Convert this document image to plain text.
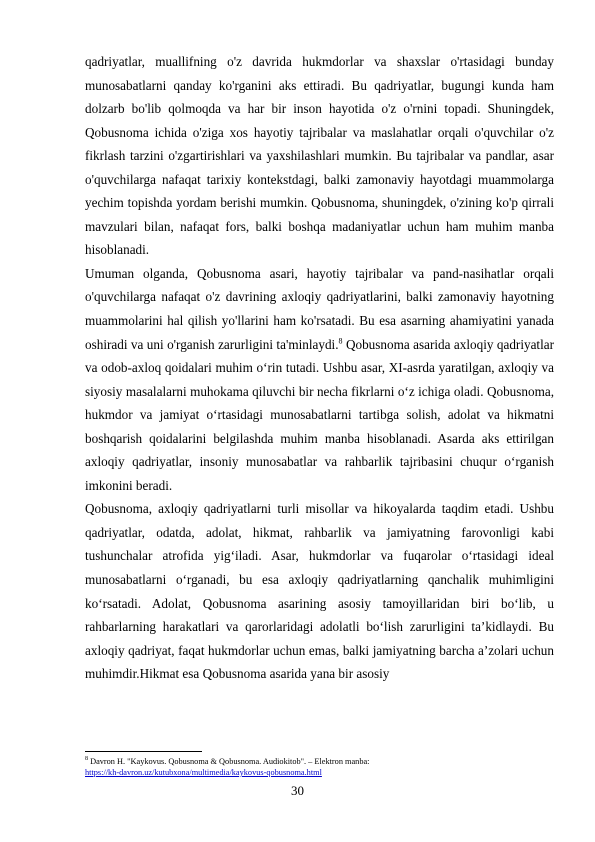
qadriyatlar, muallifning o'z davrida hukmdorlar va shaxslar o'rtasidagi bunday munosabatlarni qanday ko'rganini aks ettiradi. Bu qadriyatlar, bugungi kunda ham dolzarb bo'lib qolmoqda va har bir inson hayotida o'z o'rnini topadi. Shuningdek, Qobusnoma ichida o'ziga xos hayotiy tajribalar va maslahatlar orqali o'quvchilar o'z fikrlash tarzini o'zgartirishlari va yaxshilashlari mumkin. Bu tajribalar va pandlar, asar o'quvchilarga nafaqat tarixiy kontekstdagi, balki zamonaviy hayotdagi muammolarga yechim topishda yordam berishi mumkin. Qobusnoma, shuningdek, o'zining ko'p qirrali mavzulari bilan, nafaqat fors, balki boshqa madaniyatlar uchun ham muhim manba hisoblanadi.

Umuman olganda, Qobusnoma asari, hayotiy tajribalar va pand-nasihatlar orqali o'quvchilarga nafaqat o'z davrining axloqiy qadriyatlarini, balki zamonaviy hayotning muammolarini hal qilish yo'llarini ham ko'rsatadi. Bu esa asarning ahamiyatini yanada oshiradi va uni o'rganish zarurligini ta'minlaydi.$^8$ Qobusnoma asarida axloqiy qadriyatlar va odob-axloq qoidalari muhim o‘rin tutadi. Ushbu asar, XI-asrda yaratilgan, axloqiy va siyosiy masalalarni muhokama qiluvchi bir necha fikrlarni o‘z ichiga oladi. Qobusnoma, hukmdor va jamiyat o‘rtasidagi munosabatlarni tartibga solish, adolat va hikmatni boshqarish qoidalarini belgilashda muhim manba hisoblanadi. Asarda aks ettirilgan axloqiy qadriyatlar, insoniy munosabatlar va rahbarlik tajribasini chuqur o‘rganish imkonini beradi.

Qobusnoma, axloqiy qadriyatlarni turli misollar va hikoyalarda taqdim etadi. Ushbu qadriyatlar, odatda, adolat, hikmat, rahbarlik va jamiyatning farovonligi kabi tushunchalar atrofida yig‘iladi. Asar, hukmdorlar va fuqarolar o‘rtasidagi ideal munosabatlarni o‘rganadi, bu esa axloqiy qadriyatlarning qanchalik muhimligini ko‘rsatadi. Adolat, Qobusnoma asarining asosiy tamoyillaridan biri bo‘lib, u rahbarlarning harakatlari va qarorlaridagi adolatli bo‘lish zarurligini ta’kidlaydi. Bu axloqiy qadriyat, faqat hukmdorlar uchun emas, balki jamiyatning barcha a’zolari uchun muhimdir.Hikmat esa Qobusnoma asarida yana bir asosiy

$^8$ Davron H. "Kaykovus. Qobusnoma & Qobusnoma. Audiokitob". – Elektron manba:
https://kh-davron.uz/kutubxona/multimedia/kaykovus-qobusnoma.html
30
